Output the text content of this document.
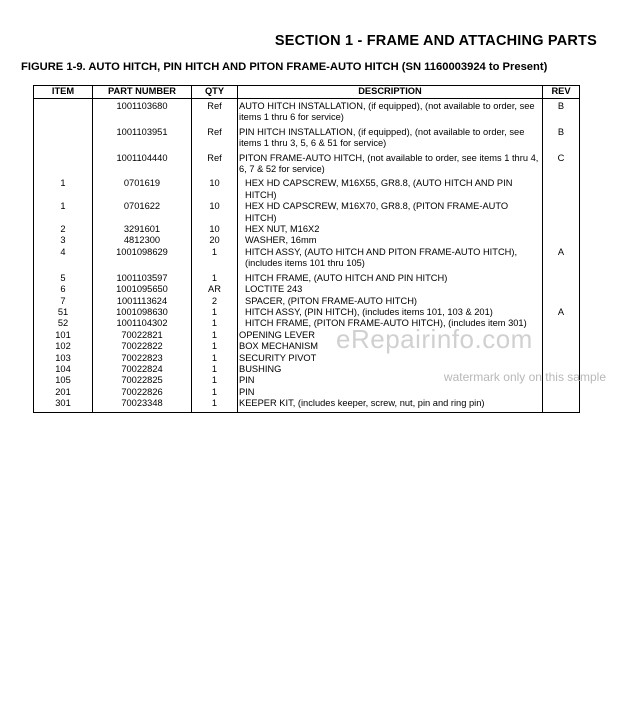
SECTION 1 - FRAME AND ATTACHING PARTS
FIGURE 1-9. AUTO HITCH, PIN HITCH AND PITON FRAME-AUTO HITCH (SN 1160003924 to Present)
ITEM	PART NUMBER	QTY	DESCRIPTION	REV
	1001103680	Ref	AUTO HITCH INSTALLATION, (if equipped), (not available to order, see items 1 thru 6 for service)	B
	1001103951	Ref	PIN HITCH INSTALLATION, (if equipped), (not available to order, see items 1 thru 3, 5, 6 & 51 for service)	B
	1001104440	Ref	PITON FRAME-AUTO HITCH, (not available to order, see items 1 thru 4, 6, 7 & 52 for service)	C
1	0701619	10	HEX HD CAPSCREW, M16X55, GR8.8, (AUTO HITCH AND PIN HITCH)	
1	0701622	10	HEX HD CAPSCREW, M16X70, GR8.8, (PITON FRAME-AUTO HITCH)	
2	3291601	10	HEX NUT, M16X2	
3	4812300	20	WASHER, 16mm	
4	1001098629	1	HITCH ASSY, (AUTO HITCH AND PITON FRAME-AUTO HITCH), (includes items 101 thru 105)	A
5	1001103597	1	HITCH FRAME, (AUTO HITCH AND PIN HITCH)	
6	1001095650	AR	LOCTITE 243	
7	1001113624	2	SPACER, (PITON FRAME-AUTO HITCH)	
51	1001098630	1	HITCH ASSY, (PIN HITCH), (includes items 101, 103 & 201)	A
52	1001104302	1	HITCH FRAME, (PITON FRAME-AUTO HITCH), (includes item 301)	
101	70022821	1	OPENING LEVER	
102	70022822	1	BOX MECHANISM	
103	70022823	1	SECURITY PIVOT	
104	70022824	1	BUSHING	
105	70022825	1	PIN	
201	70022826	1	PIN	
301	70023348	1	KEEPER KIT, (includes keeper, screw, nut, pin and ring pin)	
eRepairinfo.com
watermark only on this sample
